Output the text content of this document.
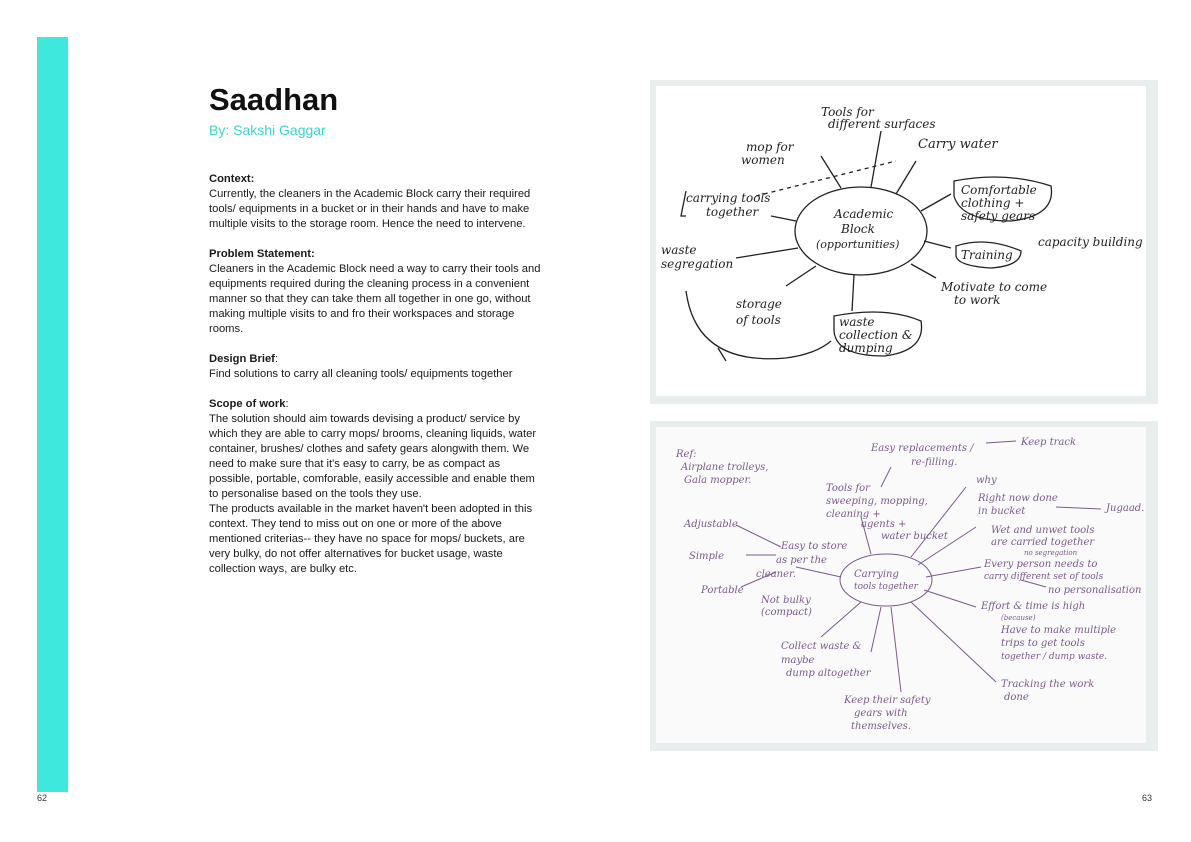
Saadhan
By: Sakshi Gaggar

Context:
Currently, the cleaners in the Academic Block carry their required tools/ equipments in a bucket or in their hands and have to make multiple visits to the storage room. Hence the need to intervene.

Problem Statement:
Cleaners in the Academic Block need a way to carry their tools and equipments required during the cleaning process in a convenient manner so that they can take them all together in one go, without making multiple visits to and fro their workspaces and storage rooms.

Design Brief:
Find solutions to carry all cleaning tools/ equipments together

Scope of work:
The solution should aim towards devising a product/ service by which they are able to carry mops/ brooms, cleaning liquids, water container, brushes/ clothes and safety gears alongwith them. We need to make sure that it's easy to carry, be as compact as possible, portable, comforable, easily accessible and enable them to personalise based on the tools they use.
The products available in the market haven't been adopted in this context. They tend to miss out on one or more of the above mentioned criterias-- they have no space for mops/ buckets, are very bulky, do not offer alternatives for bucket usage, waste collection ways, are bulky etc.

Academic
Block
(opportunities)
Tools for
different surfaces
mop for
women
Carry water
carrying tools
together
Comfortable
clothing +
safety gears
waste
segregation
Training
capacity building
Motivate to come
to work
storage
of tools	waste
collection &
dumping
Ref:
Airplane trolleys,
Gala mopper.
Easy replacements /
re-filling.
Keep track
Tools for
sweeping, mopping,
cleaning +
agents +
water bucket
why
Right now done
in bucket	Jugaad.
Wet and unwet tools
are carried together
no segregation
Every person needs to
carry different set of tools
no personalisation
Adjustable
Simple
Easy to store
as per the
cleaner.
Portable
Not bulky
(compact)
Carrying
tools together
Effort & time is high
(because)
Have to make multiple
trips to get tools
together / dump waste.
Collect waste &
maybe
dump altogether
Keep their safety
gears with
themselves.
Tracking the work
done
62	63
